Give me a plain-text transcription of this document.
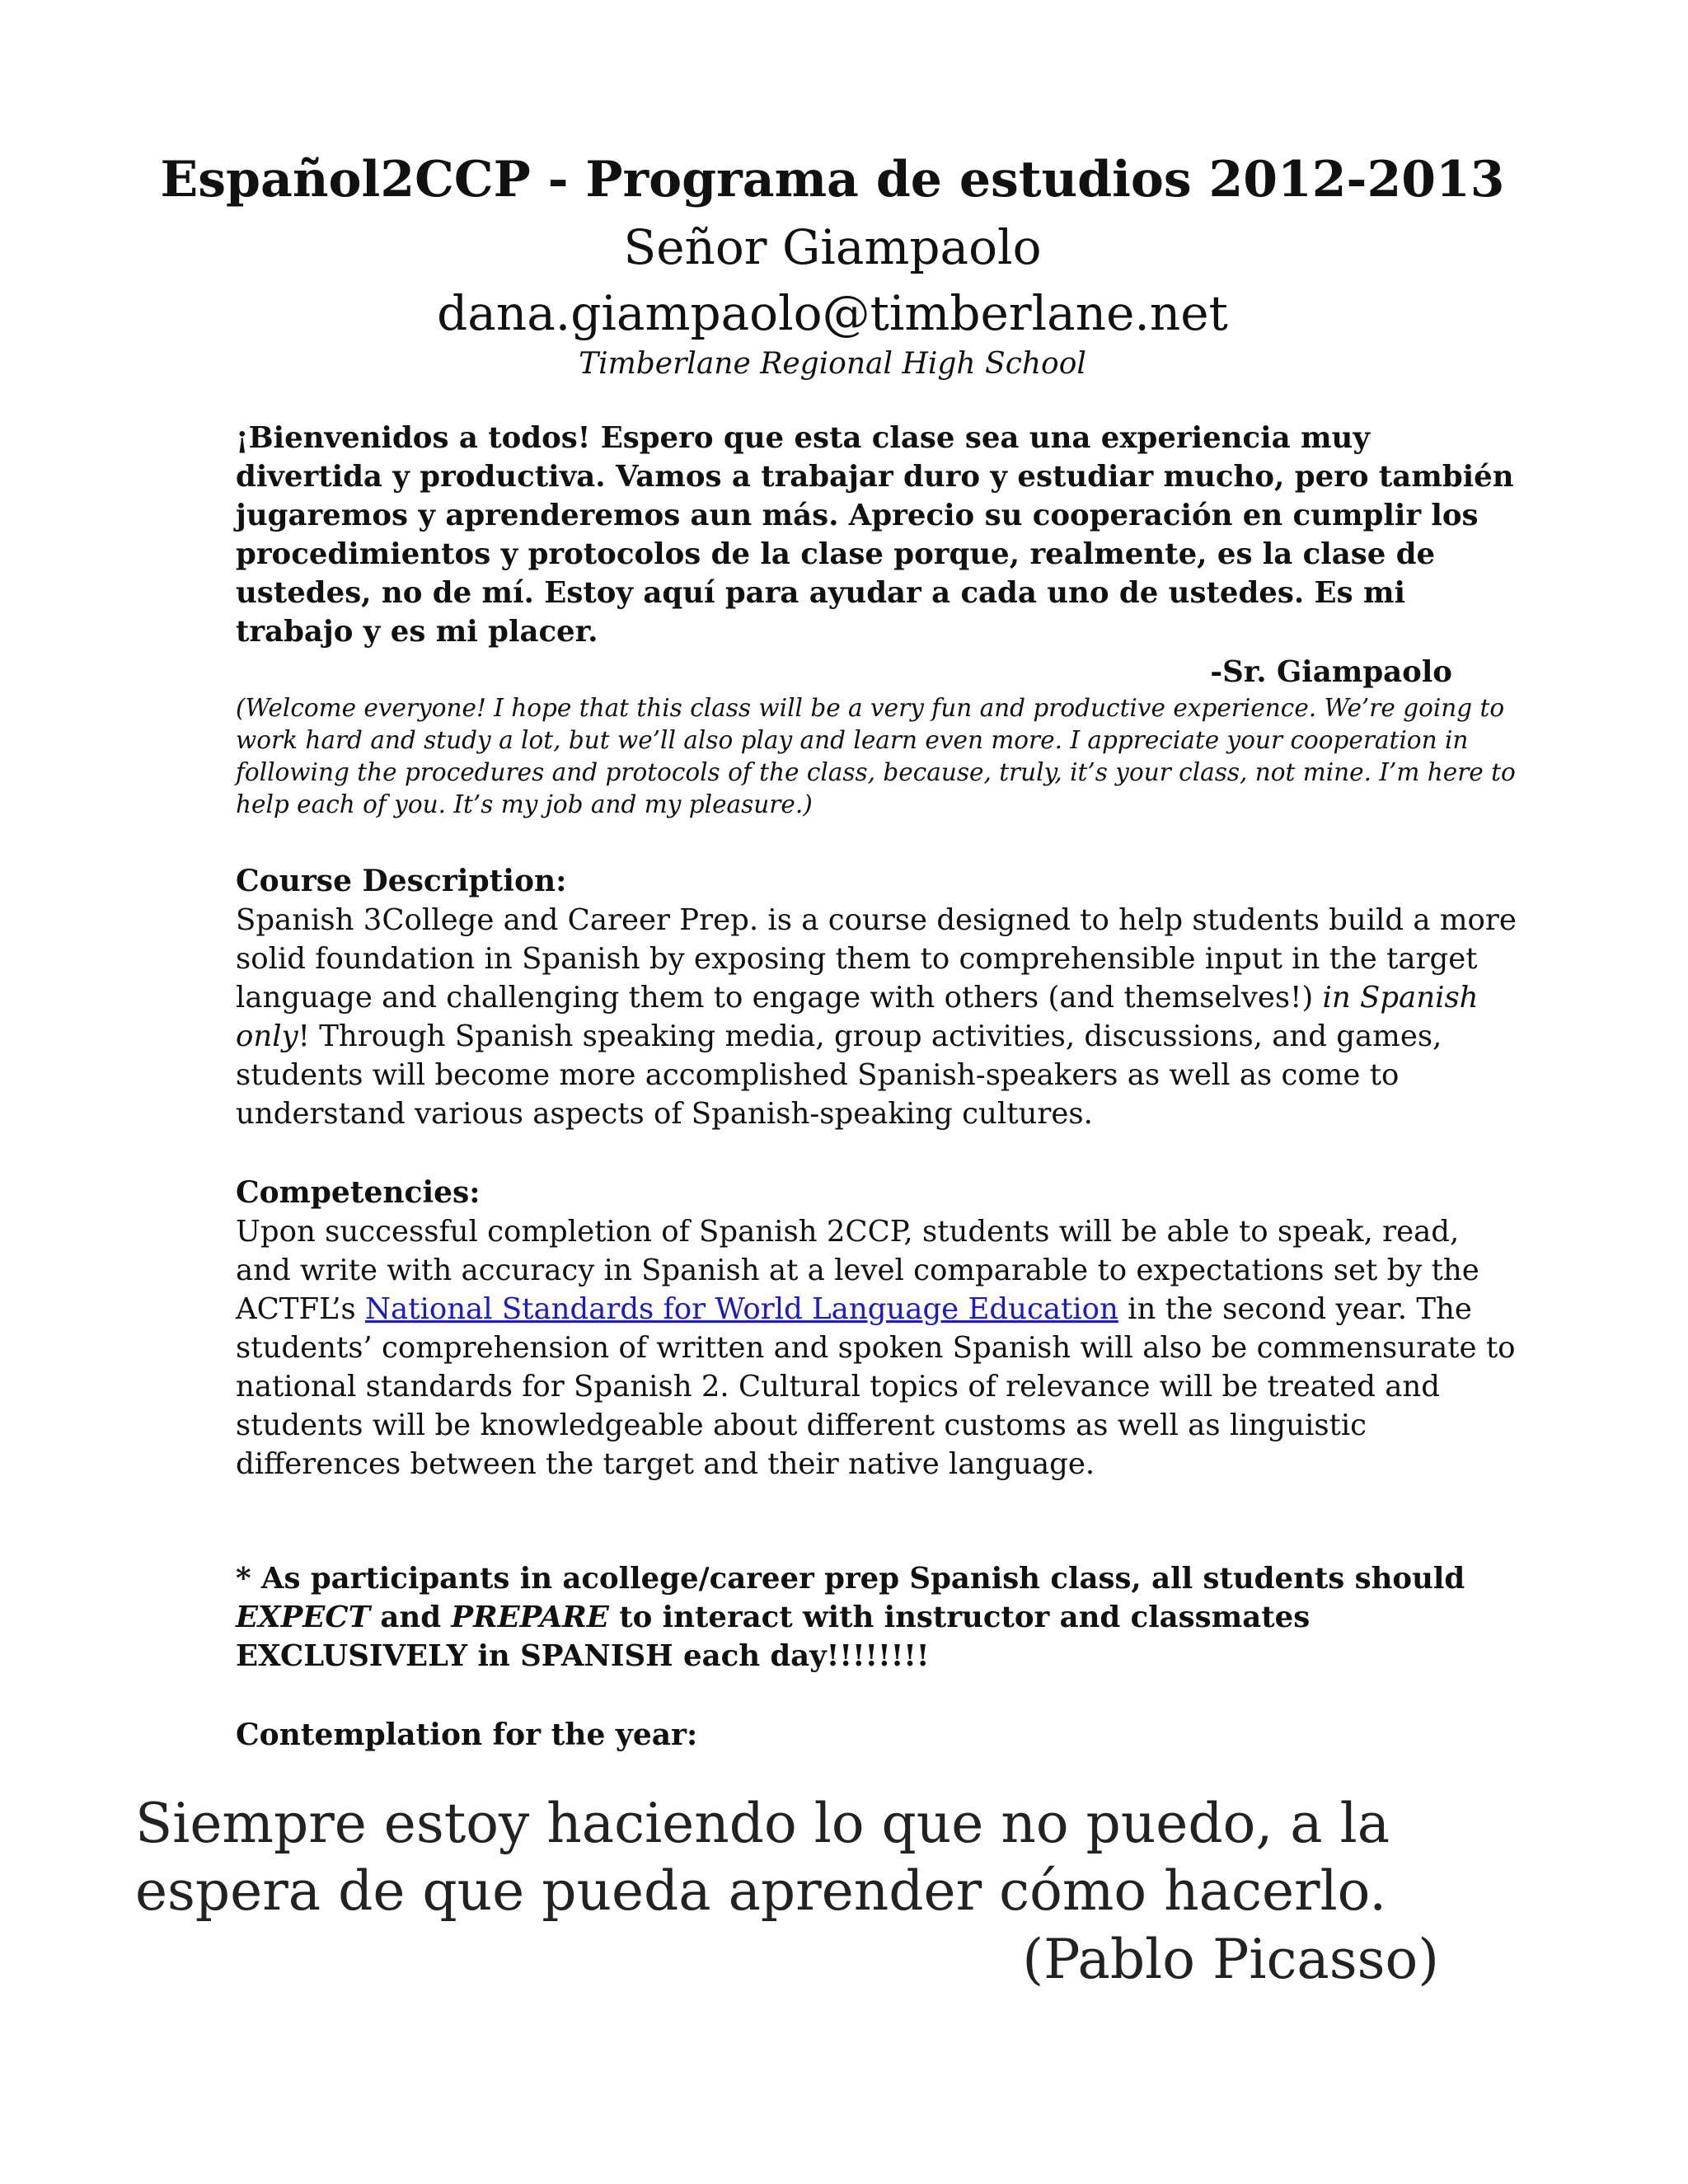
Español2CCP - Programa de estudios 2012-2013
Señor Giampaolo
dana.giampaolo@timberlane.net
Timberlane Regional High School
¡Bienvenidos a todos! Espero que esta clase sea una experiencia muy divertida y productiva. Vamos a trabajar duro y estudiar mucho, pero también jugaremos y aprenderemos aun más. Aprecio su cooperación en cumplir los procedimientos y protocolos de la clase porque, realmente, es la clase de ustedes, no de mí. Estoy aquí para ayudar a cada uno de ustedes. Es mi trabajo y es mi placer.
-Sr. Giampaolo
(Welcome everyone! I hope that this class will be a very fun and productive experience. We’re going to work hard and study a lot, but we’ll also play and learn even more. I appreciate your cooperation in following the procedures and protocols of the class, because, truly, it’s your class, not mine. I’m here to help each of you. It’s my job and my pleasure.)
Course Description:
Spanish 3College and Career Prep. is a course designed to help students build a more solid foundation in Spanish by exposing them to comprehensible input in the target language and challenging them to engage with others (and themselves!) in Spanish only! Through Spanish speaking media, group activities, discussions, and games, students will become more accomplished Spanish-speakers as well as come to understand various aspects of Spanish-speaking cultures.
Competencies:
Upon successful completion of Spanish 2CCP, students will be able to speak, read, and write with accuracy in Spanish at a level comparable to expectations set by the ACTFL’s National Standards for World Language Education in the second year. The students’ comprehension of written and spoken Spanish will also be commensurate to national standards for Spanish 2. Cultural topics of relevance will be treated and students will be knowledgeable about different customs as well as linguistic differences between the target and their native language.
* As participants in acollege/career prep Spanish class, all students should EXPECT and PREPARE to interact with instructor and classmates EXCLUSIVELY in SPANISH each day!!!!!!!!
Contemplation for the year:
Siempre estoy haciendo lo que no puedo, a la espera de que pueda aprender cómo hacerlo.
(Pablo Picasso)
